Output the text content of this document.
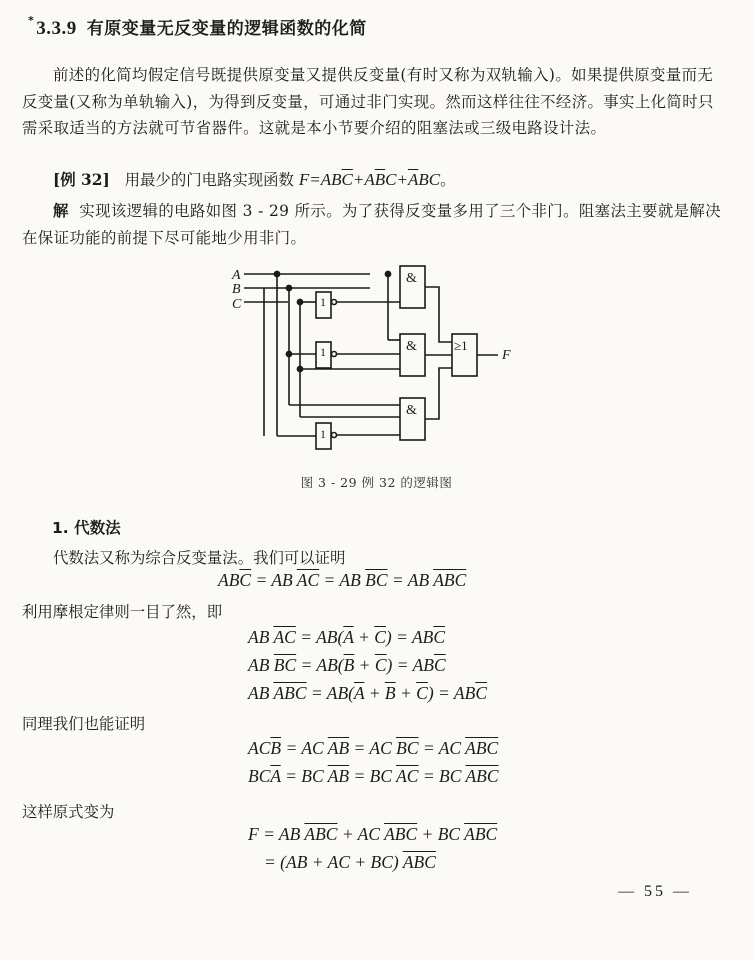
* 3.3.9 有原变量无反变量的逻辑函数的化简
前述的化简均假定信号既提供原变量又提供反变量(有时又称为双轨输入)。如果提供原变量而无反变量(又称为单轨输入)，为得到反变量，可通过非门实现。然而这样往往不经济。事实上化简时只需采取适当的方法就可节省器件。这就是本小节要介绍的阻塞法或三级电路设计法。
[例 32] 用最少的门电路实现函数 $F=AB\overline{C}+A\overline{B}C+\overline{A}BC$。
解 实现该逻辑的电路如图 3 - 29 所示。为了获得反变量多用了三个非门。阻塞法主要就是解决在保证功能的前提下尽可能地少用非门。
A
B
C	1
&
1	&
1
&
≥1
F
图 3 - 29 例 32 的逻辑图
1. 代数法
代数法又称为综合反变量法。我们可以证明
$AB\overline{C}$ = AB $\overline{AC}$ = AB $\overline{BC}$ = AB $\overline{ABC}$
利用摩根定律则一目了然，即
AB $\overline{AC} = AB(\overline{A} + \overline{C}) = AB\overline{C}$
AB $\overline{BC} = AB(\overline{B} + \overline{C}) = AB\overline{C}$
AB $\overline{ABC} = AB(\overline{A} + \overline{B} + \overline{C}) = AB\overline{C}$
同理我们也能证明
$AC\overline{B}$ = AC $\overline{AB}$ = AC $\overline{BC}$ = AC $\overline{ABC}$
$BC\overline{A}$ = BC $\overline{AB}$ = BC $\overline{AC}$ = BC $\overline{ABC}$
这样原式变为
F = AB $\overline{ABC}$ + AC $\overline{ABC}$ + BC $\overline{ABC}$
= (AB + AC + BC) $\overline{ABC}$
— 55 —
